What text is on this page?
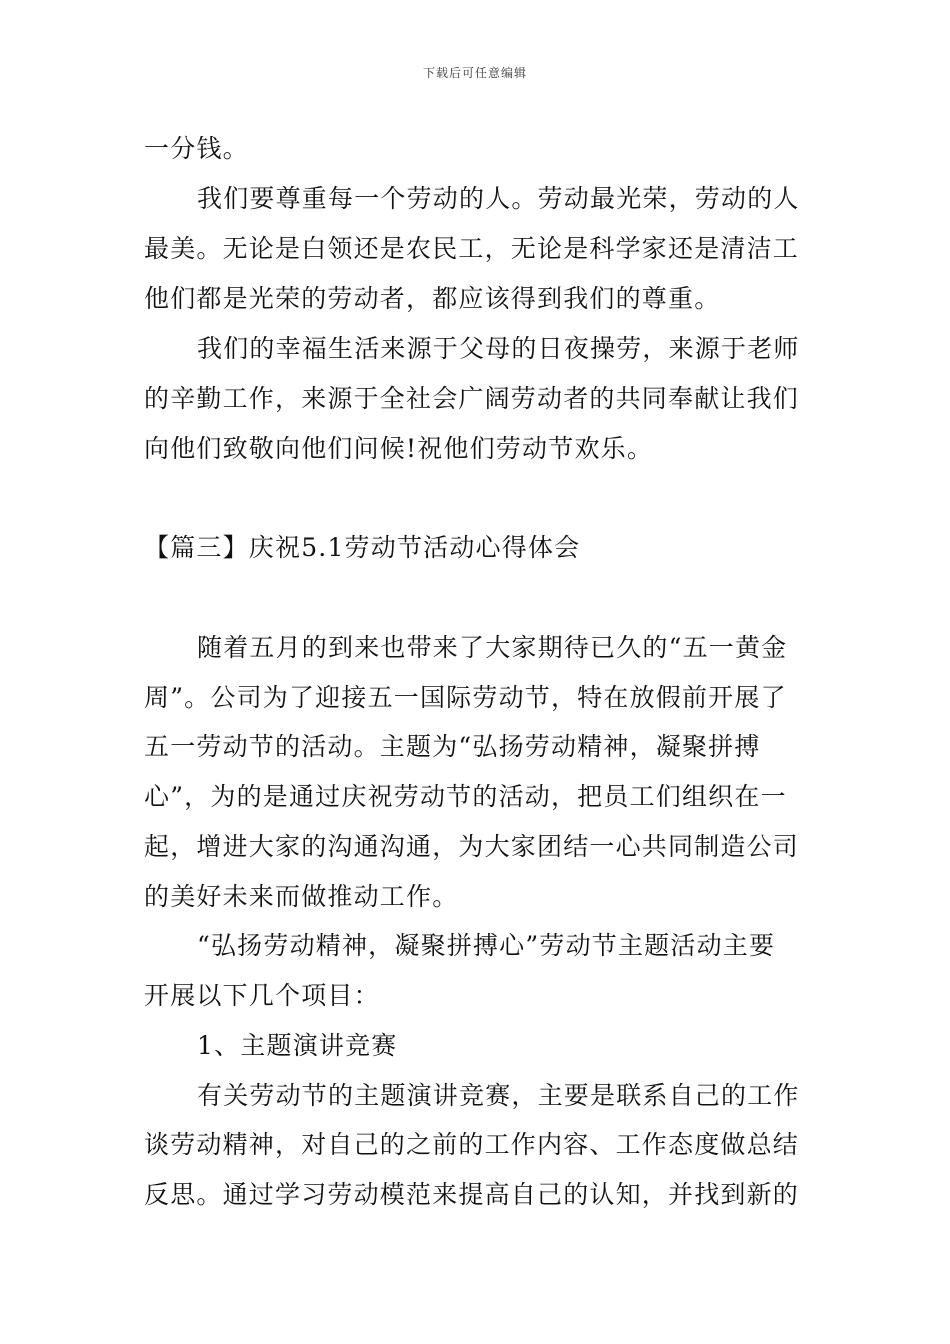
下载后可任意编辑
一分钱。
我们要尊重每一个劳动的人。劳动最光荣，劳动的人
最美。无论是白领还是农民工，无论是科学家还是清洁工
他们都是光荣的劳动者，都应该得到我们的尊重。
我们的幸福生活来源于父母的日夜操劳，来源于老师
的辛勤工作，来源于全社会广阔劳动者的共同奉献让我们
向他们致敬向他们问候!祝他们劳动节欢乐。
【篇三】庆祝5.1劳动节活动心得体会
随着五月的到来也带来了大家期待已久的“五一黄金
周”。公司为了迎接五一国际劳动节，特在放假前开展了
五一劳动节的活动。主题为“弘扬劳动精神，凝聚拼搏
心”，为的是通过庆祝劳动节的活动，把员工们组织在一
起，增进大家的沟通沟通，为大家团结一心共同制造公司
的美好未来而做推动工作。
“弘扬劳动精神，凝聚拼搏心”劳动节主题活动主要
开展以下几个项目：
1、主题演讲竞赛
有关劳动节的主题演讲竞赛，主要是联系自己的工作
谈劳动精神，对自己的之前的工作内容、工作态度做总结
反思。通过学习劳动模范来提高自己的认知，并找到新的
